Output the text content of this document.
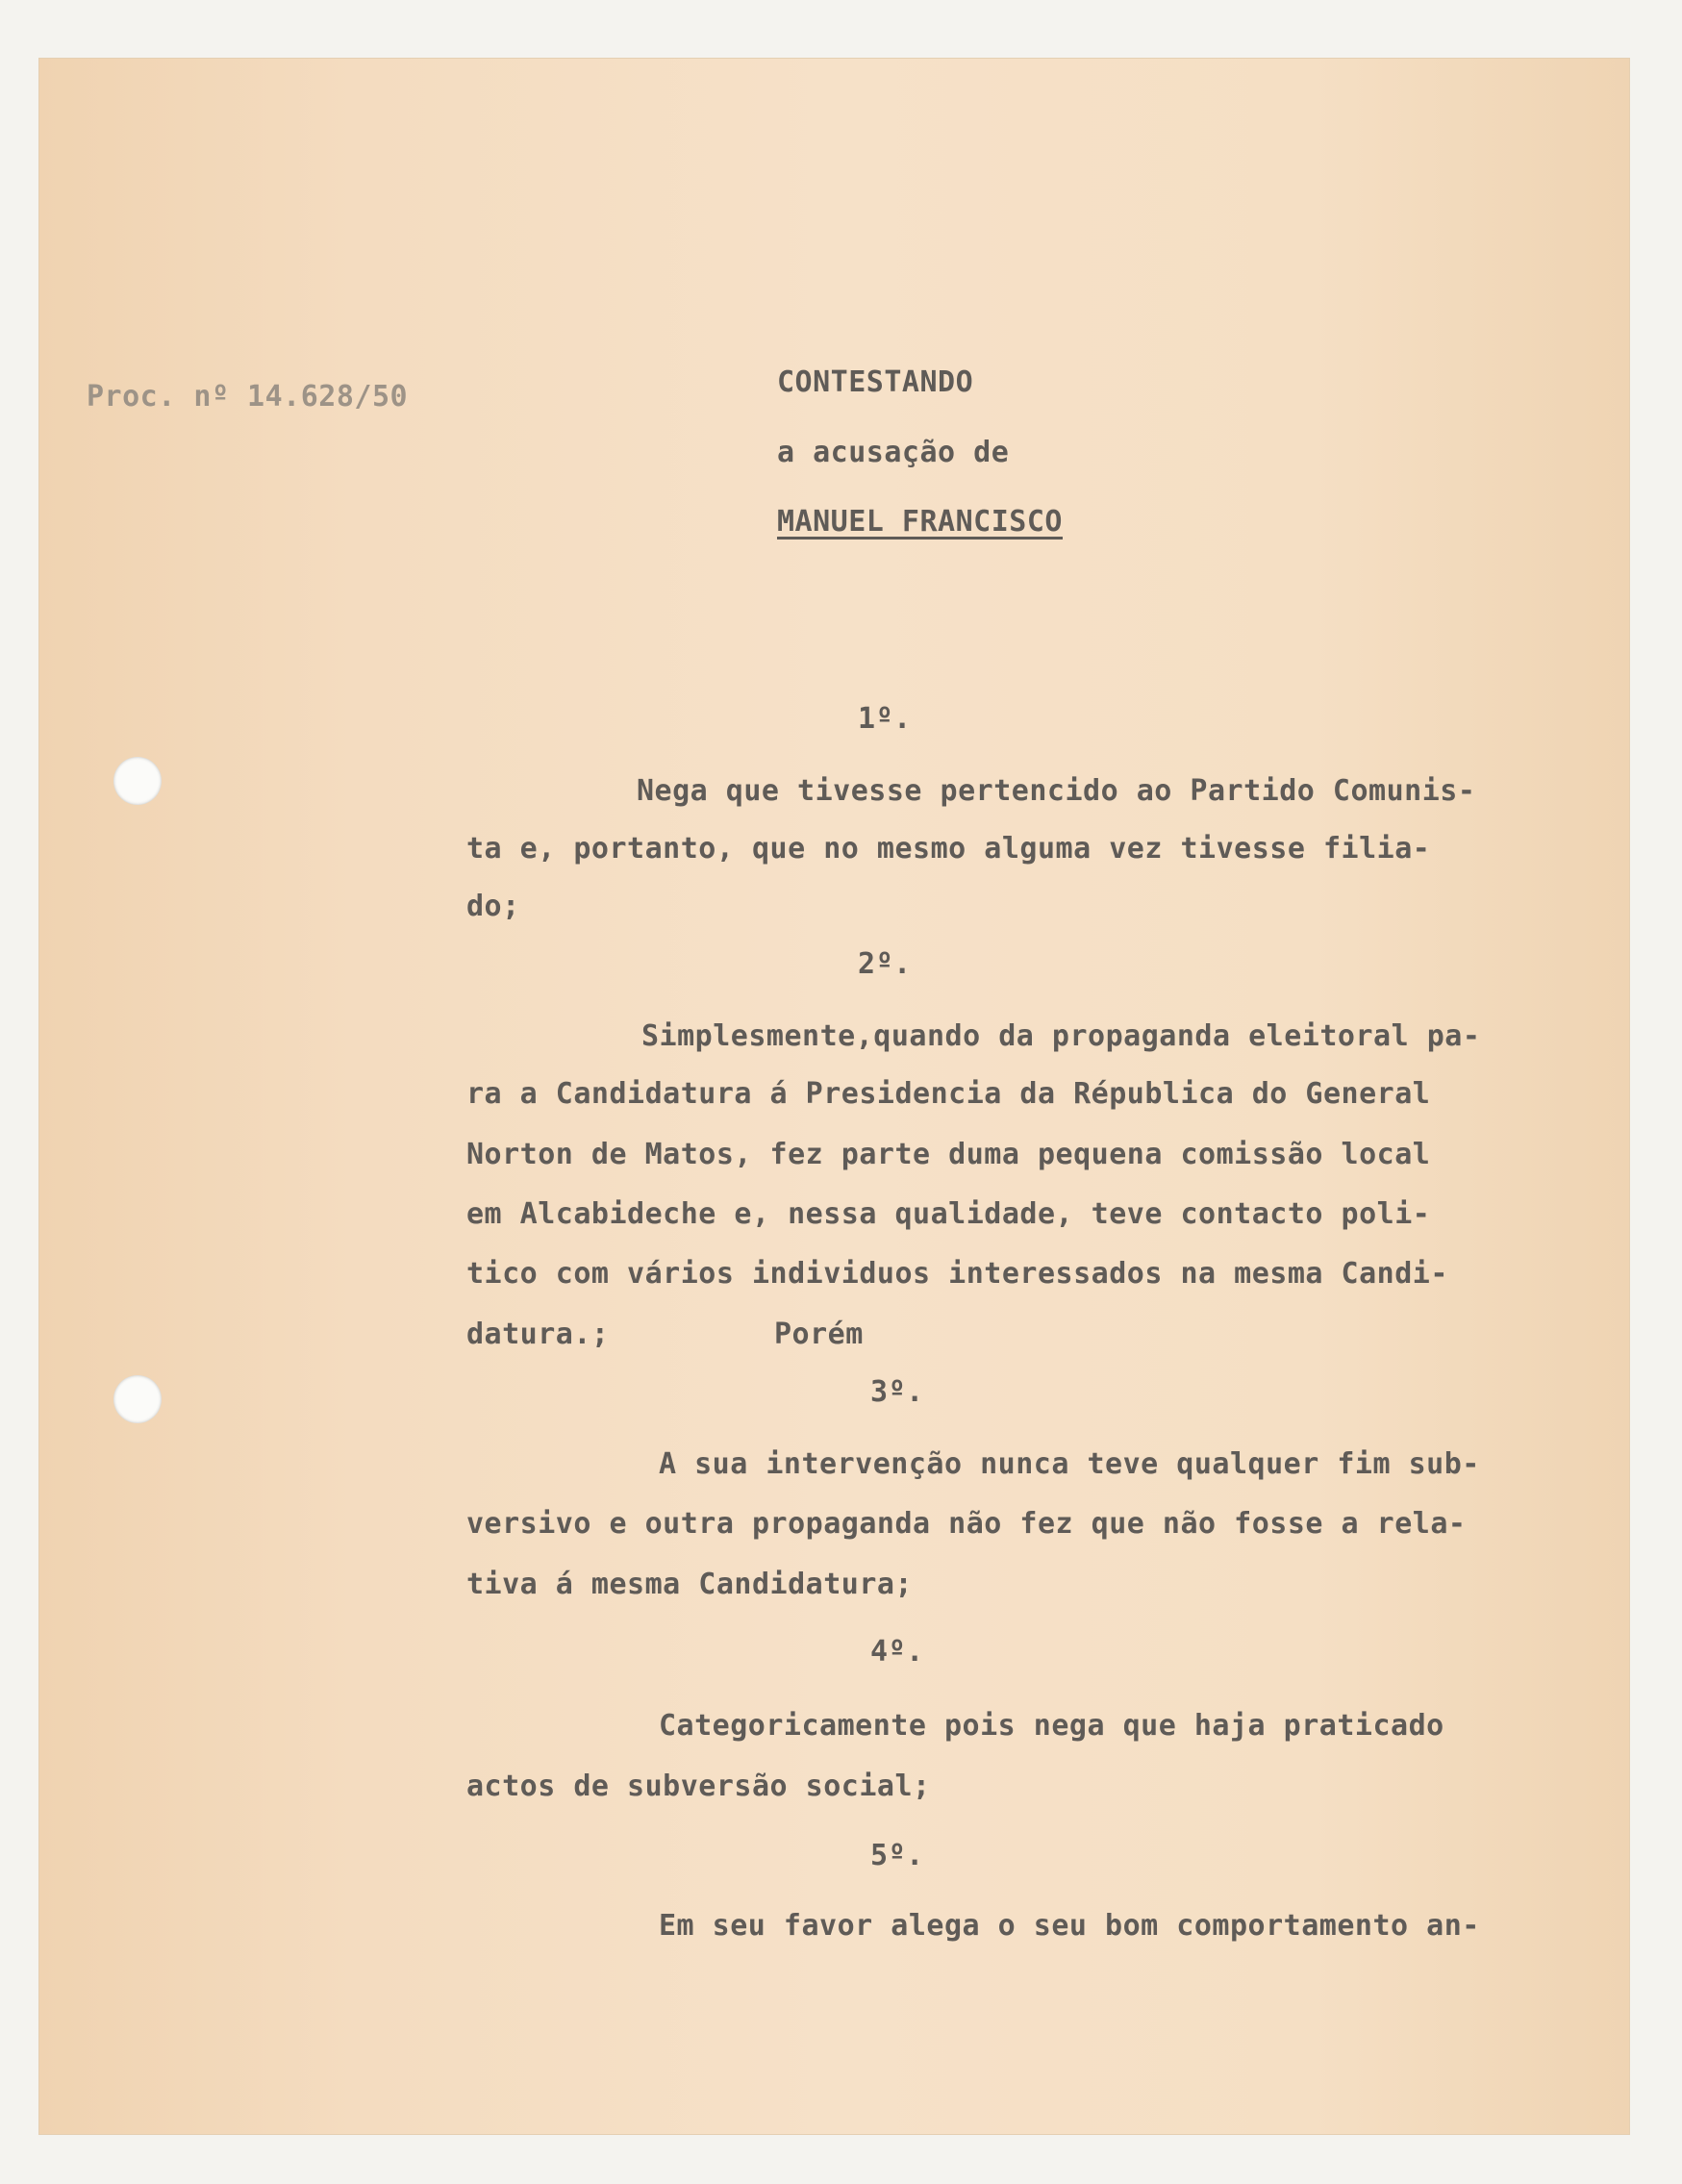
Proc. nº 14.628/50	CONTESTANDO
a acusação de
MANUEL FRANCISCO
1º.
Nega que tivesse pertencido ao Partido Comunis-
ta e, portanto, que no mesmo alguma vez tivesse filia-
do;
2º.
Simplesmente,quando da propaganda eleitoral pa-
ra a Candidatura á Presidencia da Républica do General
Norton de Matos, fez parte duma pequena comissão local
em Alcabideche e, nessa qualidade, teve contacto poli-
tico com vários individuos interessados na mesma Candi-
datura.;	Porém
3º.
A sua intervenção nunca teve qualquer fim sub-
versivo e outra propaganda não fez que não fosse a rela-
tiva á mesma Candidatura;
4º.
Categoricamente pois nega que haja praticado
actos de subversão social;
5º.
Em seu favor alega o seu bom comportamento an-
